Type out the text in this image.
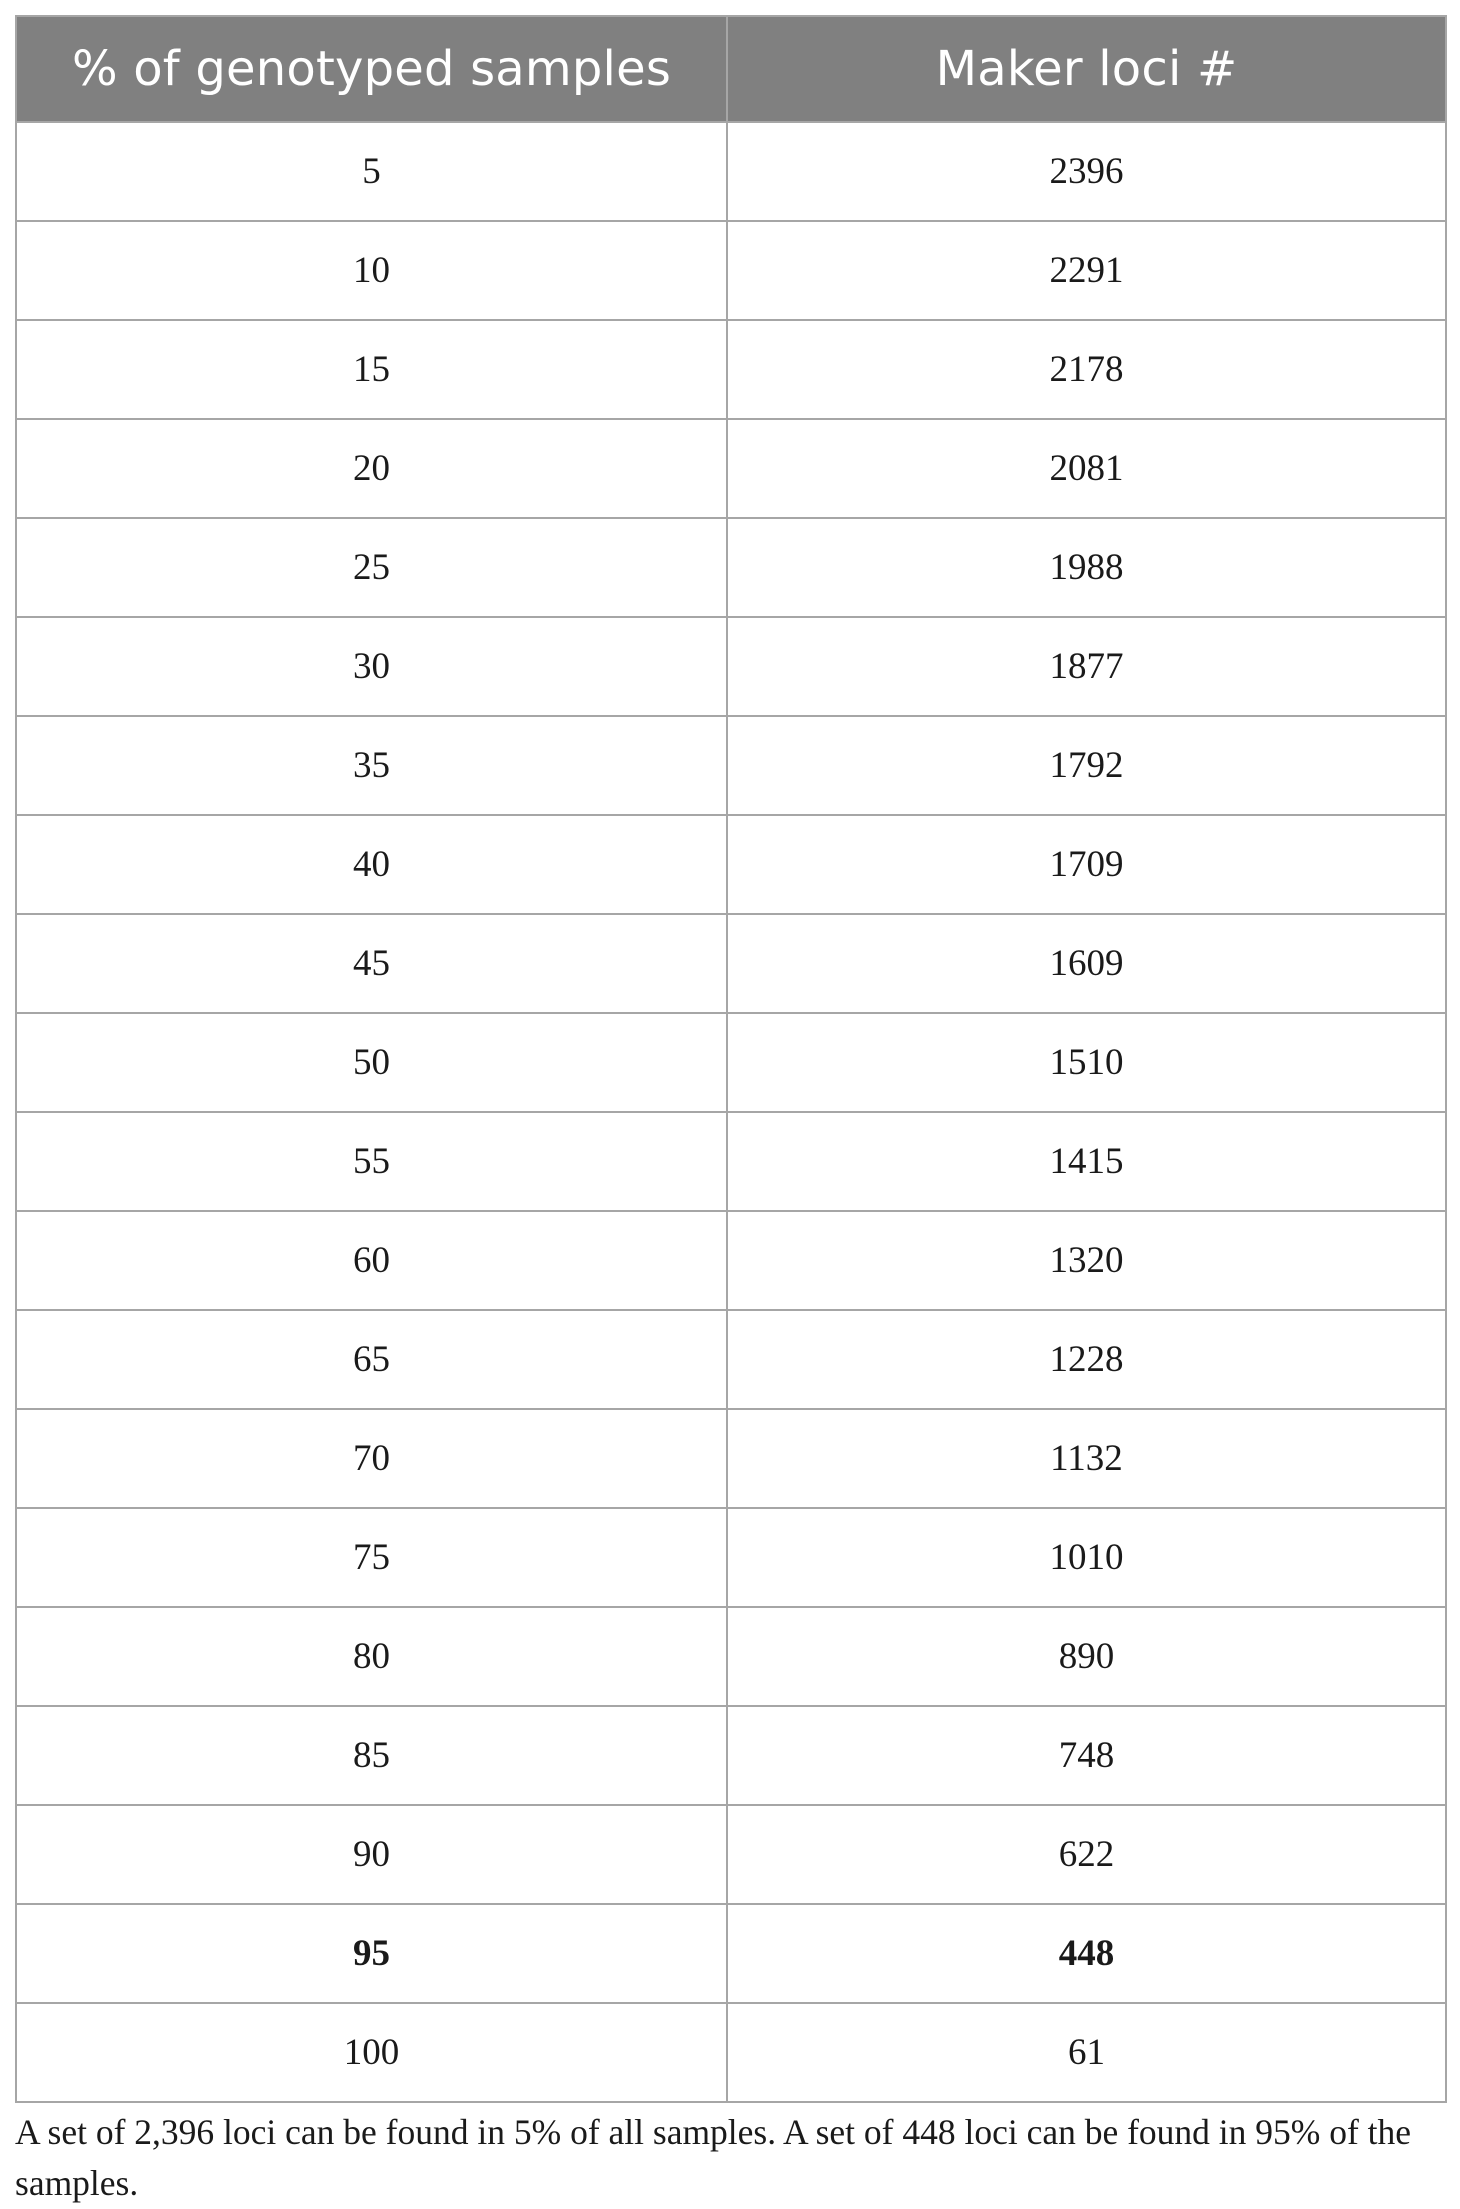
% of genotyped samples	Maker loci #
5	2396
10	2291
15	2178
20	2081
25	1988
30	1877
35	1792
40	1709
45	1609
50	1510
55	1415
60	1320
65	1228
70	1132
75	1010
80	890
85	748
90	622
95	448
100	61

A set of 2,396 loci can be found in 5% of all samples. A set of 448 loci can be found in 95% of the samples.
